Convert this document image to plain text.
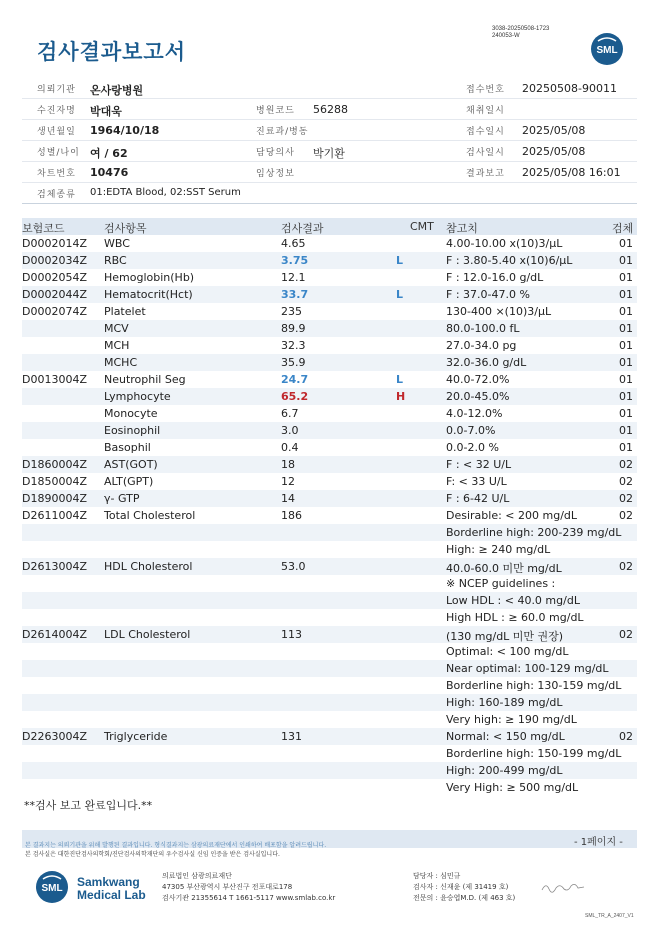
3038-20250508-1723
240053-W
검사결과보고서	SML
의뢰기관 온사랑병원	접수번호 20250508-90011
수진자명 박대욱	병원코드 56288	채취일시
생년월일 1964/10/18	진료과/병동	접수일시 2025/05/08
성별/나이 여 / 62	담당의사 박기환	검사일시 2025/05/08
차트번호 10476	임상정보	결과보고 2025/05/08 16:01
검체종류 01:EDTA Blood, 02:SST Serum
보험코드	검사항목	검사결과	CMT 참고치	검체
D0002014Z WBC	4.65	4.00-10.00 x(10)3/μL	01
D0002034Z RBC	3.75	L	F : 3.80-5.40 x(10)6/μL	01
D0002054Z Hemoglobin(Hb)	12.1	F : 12.0-16.0 g/dL	01
D0002044Z Hematocrit(Hct)	33.7	L	F : 37.0-47.0 %	01
D0002074Z Platelet	235	130-400 ×(10)3/μL	01
MCV	89.9	80.0-100.0 fL	01
MCH	32.3	27.0-34.0 pg	01
MCHC	35.9	32.0-36.0 g/dL	01
D0013004Z Neutrophil Seg	24.7	L	40.0-72.0%	01
Lymphocyte	65.2	H	20.0-45.0%	01
Monocyte	6.7	4.0-12.0%	01
Eosinophil	3.0	0.0-7.0%	01
Basophil	0.4	0.0-2.0 %	01
D1860004Z AST(GOT)	18	F : < 32 U/L	02
D1850004Z ALT(GPT)	12	F: < 33 U/L	02
D1890004Z γ- GTP	14	F : 6-42 U/L	02
D2611004Z Total Cholesterol	186	Desirable: < 200 mg/dL	02
Borderline high: 200-239 mg/dL
High: ≥ 240 mg/dL
D2613004Z HDL Cholesterol	53.0	40.0-60.0 미만 mg/dL	02
※ NCEP guidelines :
Low HDL : < 40.0 mg/dL
High HDL : ≥ 60.0 mg/dL
D2614004Z LDL Cholesterol	113	(130 mg/dL 미만 권장)	02
Optimal: < 100 mg/dL
Near optimal: 100-129 mg/dL
Borderline high: 130-159 mg/dL
High: 160-189 mg/dL
Very high: ≥ 190 mg/dL
D2263004Z Triglyceride	131	Normal: < 150 mg/dL	02
Borderline high: 150-199 mg/dL
High: 200-499 mg/dL
Very High: ≥ 500 mg/dL
**검사 보고 완료입니다.**
본 결과지는 의뢰기관을 위해 발행된 결과입니다. 형식결과지는 삼광의료재단에서 인쇄하여 배포함을 알려드립니다.
본 검사실은 대한진단검사의학회/진단검사의학재단의 우수검사실 신임 인증을 받은 검사실입니다.
- 1페이지 -
SML Samkwang
Medical Lab
의료법인 삼광의료재단
47305 부산광역시 부산진구 전포대로178
검사기관 21355614 T 1661-5117 www.smlab.co.kr
담당자 : 심민규
검사자 : 신재윤 (제 31419 호)
전문의 : 윤승엽M.D. (제 463 호)
SML_TR_A_2407_V1
